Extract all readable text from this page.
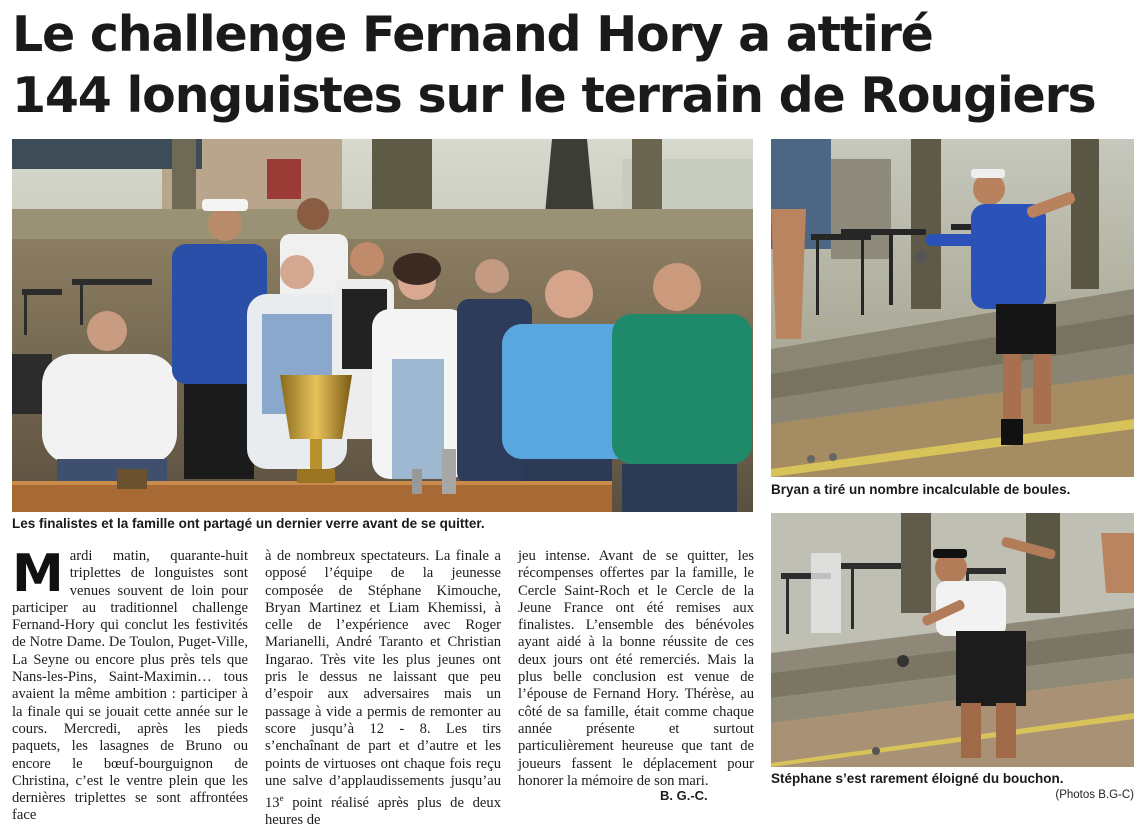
Le challenge Fernand Hory a attiré
144 longuistes sur le terrain de Rougiers
Les finalistes et la famille ont partagé un dernier verre avant de se quitter.
Bryan a tiré un nombre incalculable de boules.
Stéphane s’est rarement éloigné du bouchon.
(Photos B.G-C)

Mardi matin, quarante-huit triplettes de longuistes sont venues souvent de loin pour participer au traditionnel challenge Fernand-Hory qui conclut les festivités de Notre Dame. De Toulon, Puget-Ville, La Seyne ou encore plus près tels que Nans-les-Pins, Saint-Maximin… tous avaient la même ambition : participer à la finale qui se jouait cette année sur le cours. Mercredi, après les pieds paquets, les lasagnes de Bruno ou encore le bœuf-bourguignon de Christina, c’est le ventre plein que les dernières triplettes se sont affrontées face

à de nombreux spectateurs. La finale a opposé l’équipe de la jeunesse composée de Stéphane Kimouche, Bryan Martinez et Liam Khemissi, à celle de l’expérience avec Roger Marianelli, André Taranto et Christian Ingarao. Très vite les plus jeunes ont pris le dessus ne laissant que peu d’espoir aux adversaires mais un passage à vide a permis de remonter au score jusqu’à 12 - 8. Les tirs s’enchaînant de part et d’autre et les points de virtuoses ont chaque fois reçu une salve d’applaudissements jusqu’au 13e point réalisé après plus de deux heures de

jeu intense. Avant de se quitter, les récompenses offertes par la famille, le Cercle Saint-Roch et le Cercle de la Jeune France ont été remises aux finalistes. L’ensemble des bénévoles ayant aidé à la bonne réussite de ces deux jours ont été remerciés. Mais la plus belle conclusion est venue de l’épouse de Fernand Hory. Thérèse, au côté de sa famille, était comme chaque année présente et surtout particulièrement heureuse que tant de joueurs fassent le déplacement pour honorer la mémoire de son mari.

B. G.-C.
